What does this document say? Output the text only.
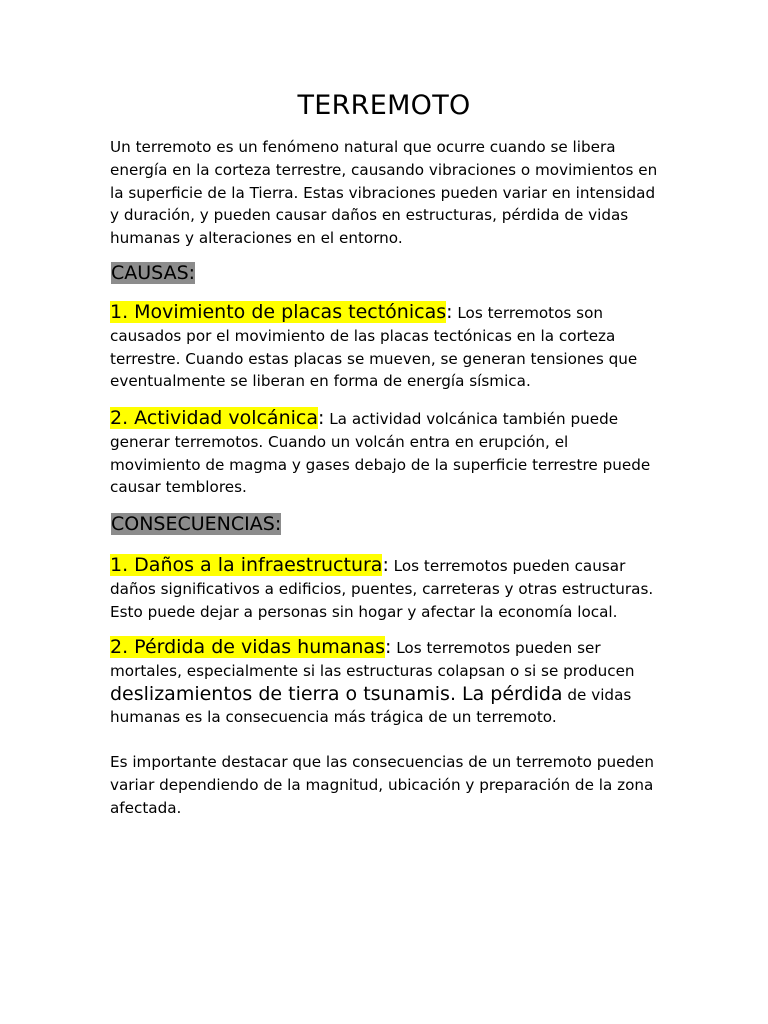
TERREMOTO
Un terremoto es un fenómeno natural que ocurre cuando se libera energía en la corteza terrestre, causando vibraciones o movimientos en la superficie de la Tierra. Estas vibraciones pueden variar en intensidad y duración, y pueden causar daños en estructuras, pérdida de vidas humanas y alteraciones en el entorno.
CAUSAS:
1. Movimiento de placas tectónicas: Los terremotos son causados por el movimiento de las placas tectónicas en la corteza terrestre. Cuando estas placas se mueven, se generan tensiones que eventualmente se liberan en forma de energía sísmica.
2. Actividad volcánica: La actividad volcánica también puede generar terremotos. Cuando un volcán entra en erupción, el movimiento de magma y gases debajo de la superficie terrestre puede causar temblores.
CONSECUENCIAS:
1. Daños a la infraestructura: Los terremotos pueden causar daños significativos a edificios, puentes, carreteras y otras estructuras. Esto puede dejar a personas sin hogar y afectar la economía local.
2. Pérdida de vidas humanas: Los terremotos pueden ser mortales, especialmente si las estructuras colapsan o si se producen deslizamientos de tierra o tsunamis. La pérdida de vidas humanas es la consecuencia más trágica de un terremoto.
Es importante destacar que las consecuencias de un terremoto pueden variar dependiendo de la magnitud, ubicación y preparación de la zona afectada.
